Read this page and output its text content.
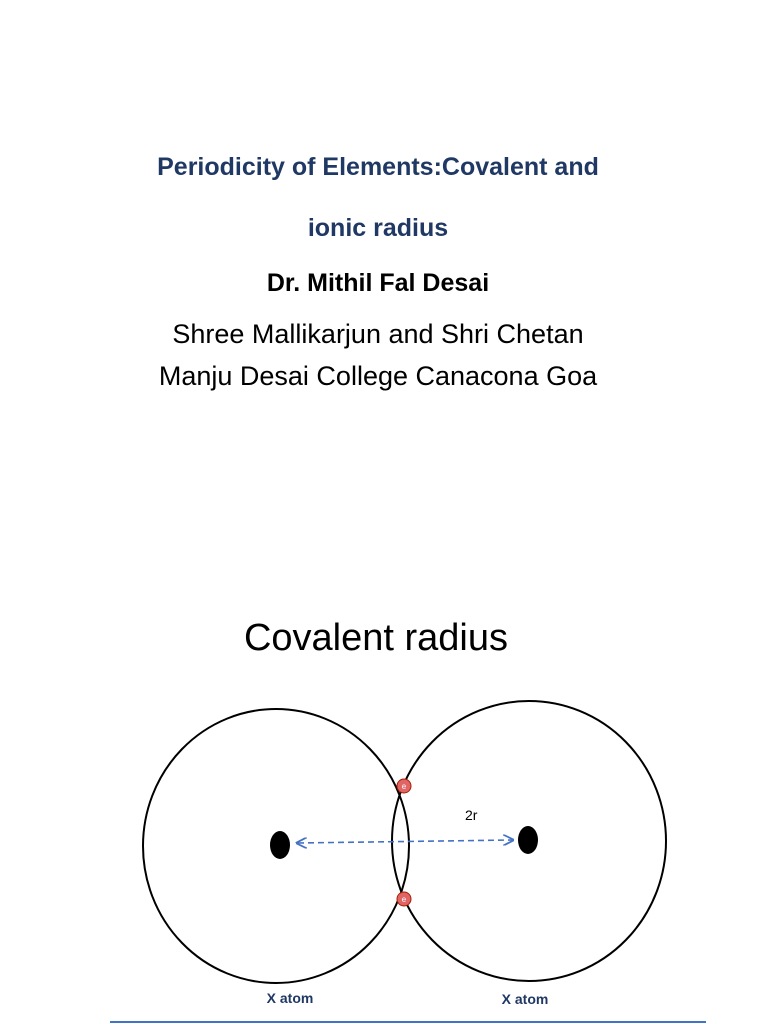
Periodicity of Elements:Covalent and
ionic radius
Dr. Mithil Fal Desai
Shree Mallikarjun and Shri Chetan
Manju Desai College Canacona Goa
Covalent radius
e
e
2r
X atom	X atom
